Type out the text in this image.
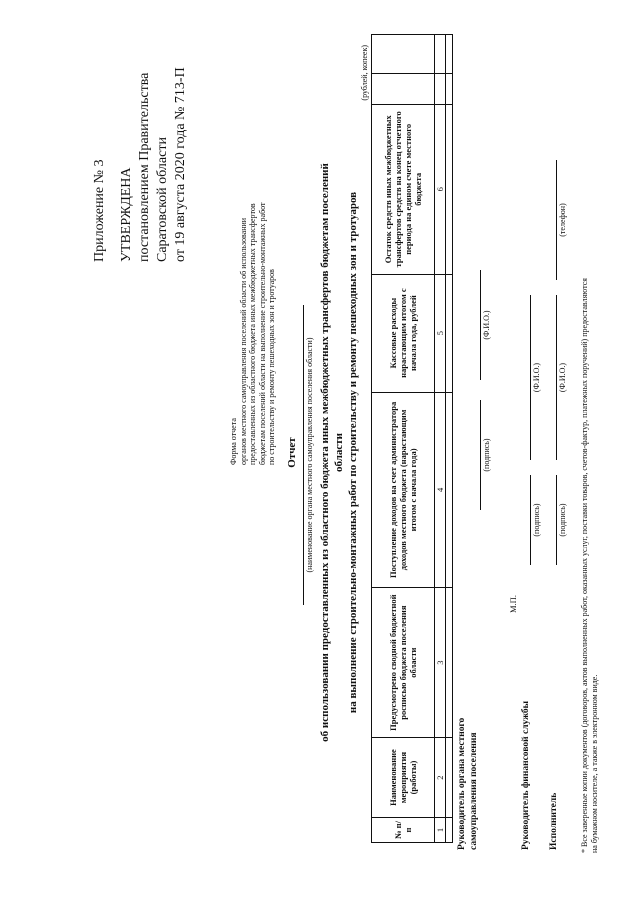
Приложение № 3 УТВЕРЖДЕНА постановлением Правительства Саратовской области от 19 августа 2020 года № 713-П
Форма отчета органов местного самоуправления поселений области об использовании предоставленных из областного бюджета иных межбюджетных трансфертов бюджетам поселений области на выполнение строительно-монтажных работ по строительству и ремонту пешеходных зон и тротуаров Отчет (наименование органа местного самоуправления поселения области) об использовании предоставленных из областного бюджета иных межбюджетных трансфертов бюджетам поселений области на выполнение строительно-монтажных работ по строительству и ремонту пешеходных зон и тротуаров
(рублей, копеек)
№ п/п	Наименование мероприятия (работы)	Предусмотрено сводной бюджетной росписью бюджета поселения области	Поступление доходов на счет администратора доходов местного бюджета (нарастающим итогом с начала года)	Кассовые расходы нарастающим итогом с начала года, рублей	Остаток средств иных межбюджетных трансфертов средств на конец отчетного периода на едином счете местного бюджета		
1	2	3	4	5	6		

Руководитель органа местного самоуправления поселения
(подпись)
(Ф.И.О.)
М.П.
Руководитель финансовой службы
(подпись)
(Ф.И.О.)
Исполнитель
(подпись)
(Ф.И.О.)
(телефон)
* Все заверенные копии документов (договоров, актов выполненных работ, оказанных услуг, поставки товаров, счетов-фактур, платежных поручений) предоставляются на бумажном носителе, а также в электронном виде.
